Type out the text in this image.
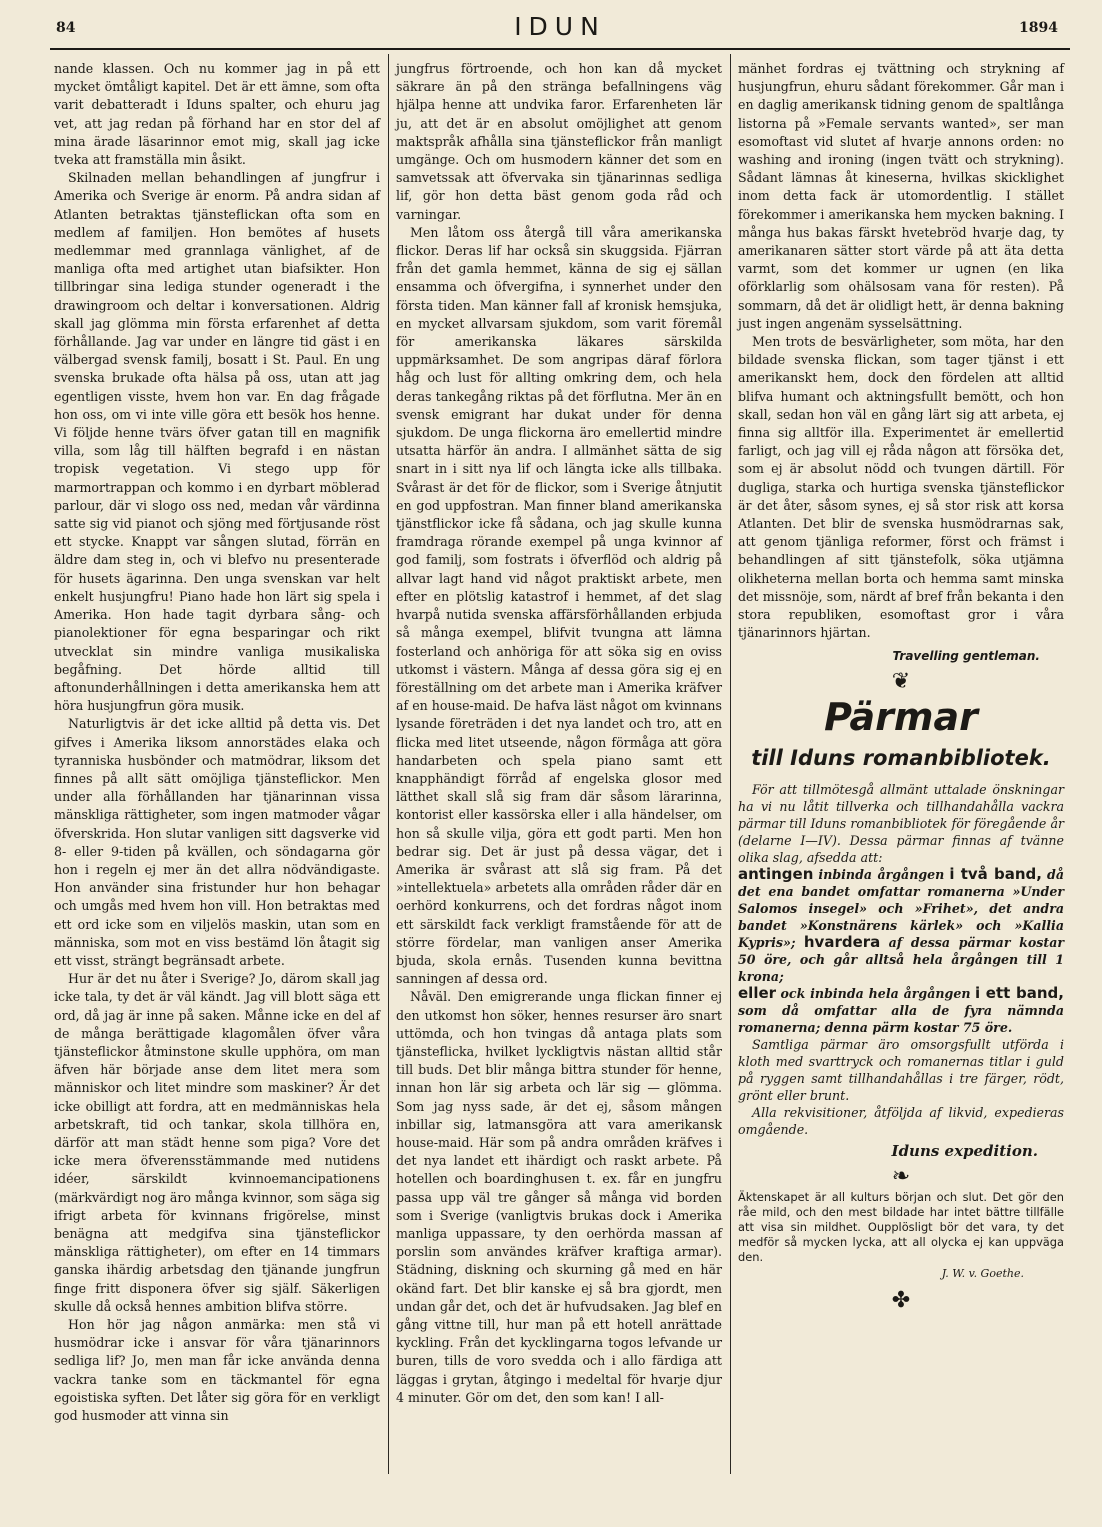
84	IDUN	1894

nande klassen. Och nu kommer jag in på ett mycket ömtåligt kapitel. Det är ett ämne, som ofta varit debatteradt i Iduns spalter, och ehuru jag vet, att jag redan på förhand har en stor del af mina ärade läsarinnor emot mig, skall jag icke tveka att framställa min åsikt.

Skilnaden mellan behandlingen af jungfrur i Amerika och Sverige är enorm. På andra sidan af Atlanten betraktas tjänsteflickan ofta som en medlem af familjen. Hon bemötes af husets medlemmar med grannlaga vänlighet, af de manliga ofta med artighet utan biafsikter. Hon tillbringar sina lediga stunder ogeneradt i the drawingroom och deltar i konversationen. Aldrig skall jag glömma min första erfarenhet af detta förhållande. Jag var under en längre tid gäst i en välbergad svensk familj, bosatt i St. Paul. En ung svenska brukade ofta hälsa på oss, utan att jag egentligen visste, hvem hon var. En dag frågade hon oss, om vi inte ville göra ett besök hos henne. Vi följde henne tvärs öfver gatan till en magnifik villa, som låg till hälften begrafd i en nästan tropisk vegetation. Vi stego upp för marmortrappan och kommo i en dyrbart möblerad parlour, där vi slogo oss ned, medan vår värdinna satte sig vid pianot och sjöng med förtjusande röst ett stycke. Knappt var sången slutad, förrän en äldre dam steg in, och vi blefvo nu presenterade för husets ägarinna. Den unga svenskan var helt enkelt husjungfru! Piano hade hon lärt sig spela i Amerika. Hon hade tagit dyrbara sång- och pianolektioner för egna besparingar och rikt utvecklat sin mindre vanliga musikaliska begåfning. Det hörde alltid till aftonunderhållningen i detta amerikanska hem att höra husjungfrun göra musik.

Naturligtvis är det icke alltid på detta vis. Det gifves i Amerika liksom annorstädes elaka och tyranniska husbönder och matmödrar, liksom det finnes på allt sätt omöjliga tjänsteflickor. Men under alla förhållanden har tjänarinnan vissa mänskliga rättigheter, som ingen matmoder vågar öfverskrida. Hon slutar vanligen sitt dagsverke vid 8- eller 9-tiden på kvällen, och söndagarna gör hon i regeln ej mer än det allra nödvändigaste. Hon använder sina fristunder hur hon behagar och umgås med hvem hon vill. Hon betraktas med ett ord icke som en viljelös maskin, utan som en människa, som mot en viss bestämd lön åtagit sig ett visst, strängt begränsadt arbete.

Hur är det nu åter i Sverige? Jo, därom skall jag icke tala, ty det är väl kändt. Jag vill blott säga ett ord, då jag är inne på saken. Månne icke en del af de många berättigade klagomålen öfver våra tjänsteflickor åtminstone skulle upphöra, om man äfven här började anse dem litet mera som människor och litet mindre som maskiner? Är det icke obilligt att fordra, att en medmänniskas hela arbetskraft, tid och tankar, skola tillhöra en, därför att man städt henne som piga? Vore det icke mera öfverensstämmande med nutidens idéer, särskildt kvinnoemancipationens (märkvärdigt nog äro många kvinnor, som säga sig ifrigt arbeta för kvinnans frigörelse, minst benägna att medgifva sina tjänsteflickor mänskliga rättigheter), om efter en 14 timmars ganska ihärdig arbetsdag den tjänande jungfrun finge fritt disponera öfver sig själf. Säkerligen skulle då också hennes ambition blifva större.

Hon hör jag någon anmärka: men stå vi husmödrar icke i ansvar för våra tjänarinnors sedliga lif? Jo, men man får icke använda denna vackra tanke som en täckmantel för egna egoistiska syften. Det låter sig göra för en verkligt god husmoder att vinna sin

jungfrus förtroende, och hon kan då mycket säkrare än på den stränga befallningens väg hjälpa henne att undvika faror. Erfarenheten lär ju, att det är en absolut omöjlighet att genom maktspråk afhålla sina tjänsteflickor från manligt umgänge. Och om husmodern känner det som en samvetssak att öfvervaka sin tjänarinnas sedliga lif, gör hon detta bäst genom goda råd och varningar.

Men låtom oss återgå till våra amerikanska flickor. Deras lif har också sin skuggsida. Fjärran från det gamla hemmet, känna de sig ej sällan ensamma och öfvergifna, i synnerhet under den första tiden. Man känner fall af kronisk hemsjuka, en mycket allvarsam sjukdom, som varit föremål för amerikanska läkares särskilda uppmärksamhet. De som angripas däraf förlora håg och lust för allting omkring dem, och hela deras tankegång riktas på det förflutna. Mer än en svensk emigrant har dukat under för denna sjukdom. De unga flickorna äro emellertid mindre utsatta härför än andra. I allmänhet sätta de sig snart in i sitt nya lif och längta icke alls tillbaka. Svårast är det för de flickor, som i Sverige åtnjutit en god uppfostran. Man finner bland amerikanska tjänstflickor icke få sådana, och jag skulle kunna framdraga rörande exempel på unga kvinnor af god familj, som fostrats i öfverflöd och aldrig på allvar lagt hand vid något praktiskt arbete, men efter en plötslig katastrof i hemmet, af det slag hvarpå nutida svenska affärsförhållanden erbjuda så många exempel, blifvit tvungna att lämna fosterland och anhöriga för att söka sig en oviss utkomst i västern. Många af dessa göra sig ej en föreställning om det arbete man i Amerika kräfver af en house-maid. De hafva läst något om kvinnans lysande företräden i det nya landet och tro, att en flicka med litet utseende, någon förmåga att göra handarbeten och spela piano samt ett knapphändigt förråd af engelska glosor med lätthet skall slå sig fram där såsom lärarinna, kontorist eller kassörska eller i alla händelser, om hon så skulle vilja, göra ett godt parti. Men hon bedrar sig. Det är just på dessa vägar, det i Amerika är svårast att slå sig fram. På det »intellektuela» arbetets alla områden råder där en oerhörd konkurrens, och det fordras något inom ett särskildt fack verkligt framstående för att de större fördelar, man vanligen anser Amerika bjuda, skola ernås. Tusenden kunna bevittna sanningen af dessa ord.

Nåväl. Den emigrerande unga flickan finner ej den utkomst hon söker, hennes resurser äro snart uttömda, och hon tvingas då antaga plats som tjänsteflicka, hvilket lyckligtvis nästan alltid står till buds. Det blir många bittra stunder för henne, innan hon lär sig arbeta och lär sig — glömma. Som jag nyss sade, är det ej, såsom mången inbillar sig, latmansgöra att vara amerikansk house-maid. Här som på andra områden kräfves i det nya landet ett ihärdigt och raskt arbete. På hotellen och boardinghusen t. ex. får en jungfru passa upp väl tre gånger så många vid borden som i Sverige (vanligtvis brukas dock i Amerika manliga uppassare, ty den oerhörda massan af porslin som användes kräfver kraftiga armar). Städning, diskning och skurning gå med en här okänd fart. Det blir kanske ej så bra gjordt, men undan går det, och det är hufvudsaken. Jag blef en gång vittne till, hur man på ett hotell anrättade kyckling. Från det kycklingarna togos lefvande ur buren, tills de voro svedda och i allo färdiga att läggas i grytan, åtgingo i medeltal för hvarje djur 4 minuter. Gör om det, den som kan! I all-

mänhet fordras ej tvättning och strykning af husjungfrun, ehuru sådant förekommer. Går man i en daglig amerikansk tidning genom de spaltlånga listorna på »Female servants wanted», ser man esomoftast vid slutet af hvarje annons orden: no washing and ironing (ingen tvätt och strykning). Sådant lämnas åt kineserna, hvilkas skicklighet inom detta fack är utomordentlig. I stället förekommer i amerikanska hem mycken bakning. I många hus bakas färskt hvetebröd hvarje dag, ty amerikanaren sätter stort värde på att äta detta varmt, som det kommer ur ugnen (en lika oförklarlig som ohälsosam vana för resten). På sommarn, då det är olidligt hett, är denna bakning just ingen angenäm sysselsättning.

Men trots de besvärligheter, som möta, har den bildade svenska flickan, som tager tjänst i ett amerikanskt hem, dock den fördelen att alltid blifva humant och aktningsfullt bemött, och hon skall, sedan hon väl en gång lärt sig att arbeta, ej finna sig alltför illa. Experimentet är emellertid farligt, och jag vill ej råda någon att försöka det, som ej är absolut nödd och tvungen därtill. För dugliga, starka och hurtiga svenska tjänsteflickor är det åter, såsom synes, ej så stor risk att korsa Atlanten. Det blir de svenska husmödrarnas sak, att genom tjänliga reformer, först och främst i behandlingen af sitt tjänstefolk, söka utjämna olikheterna mellan borta och hemma samt minska det missnöje, som, närdt af bref från bekanta i den stora republiken, esomoftast gror i våra tjänarinnors hjärtan.

Travelling gentleman.
❦
Pärmar
till Iduns romanbibliotek.

För att tillmötesgå allmänt uttalade önskningar ha vi nu låtit tillverka och tillhandahålla vackra pärmar till Iduns romanbibliotek för föregående år (delarne I—IV). Dessa pärmar finnas af tvänne olika slag, afsedda att:

antingen inbinda årgången i två band, då det ena bandet omfattar romanerna »Under Salomos insegel» och »Frihet», det andra bandet »Konstnärens kärlek» och »Kallia Kypris»; hvardera af dessa pärmar kostar 50 öre, och går alltså hela årgången till 1 krona;

eller ock inbinda hela årgången i ett band, som då omfattar alla de fyra nämnda romanerna; denna pärm kostar 75 öre.

Samtliga pärmar äro omsorgsfullt utförda i kloth med svarttryck och romanernas titlar i guld på ryggen samt tillhandahållas i tre färger, rödt, grönt eller brunt.

Alla rekvisitioner, åtföljda af likvid, expedieras omgående.

Iduns expedition.
❧

Äktenskapet är all kulturs början och slut. Det gör den råe mild, och den mest bildade har intet bättre tillfälle att visa sin mildhet. Oupplösligt bör det vara, ty det medför så mycken lycka, att all olycka ej kan uppväga den.

J. W. v. Goethe.
✤
